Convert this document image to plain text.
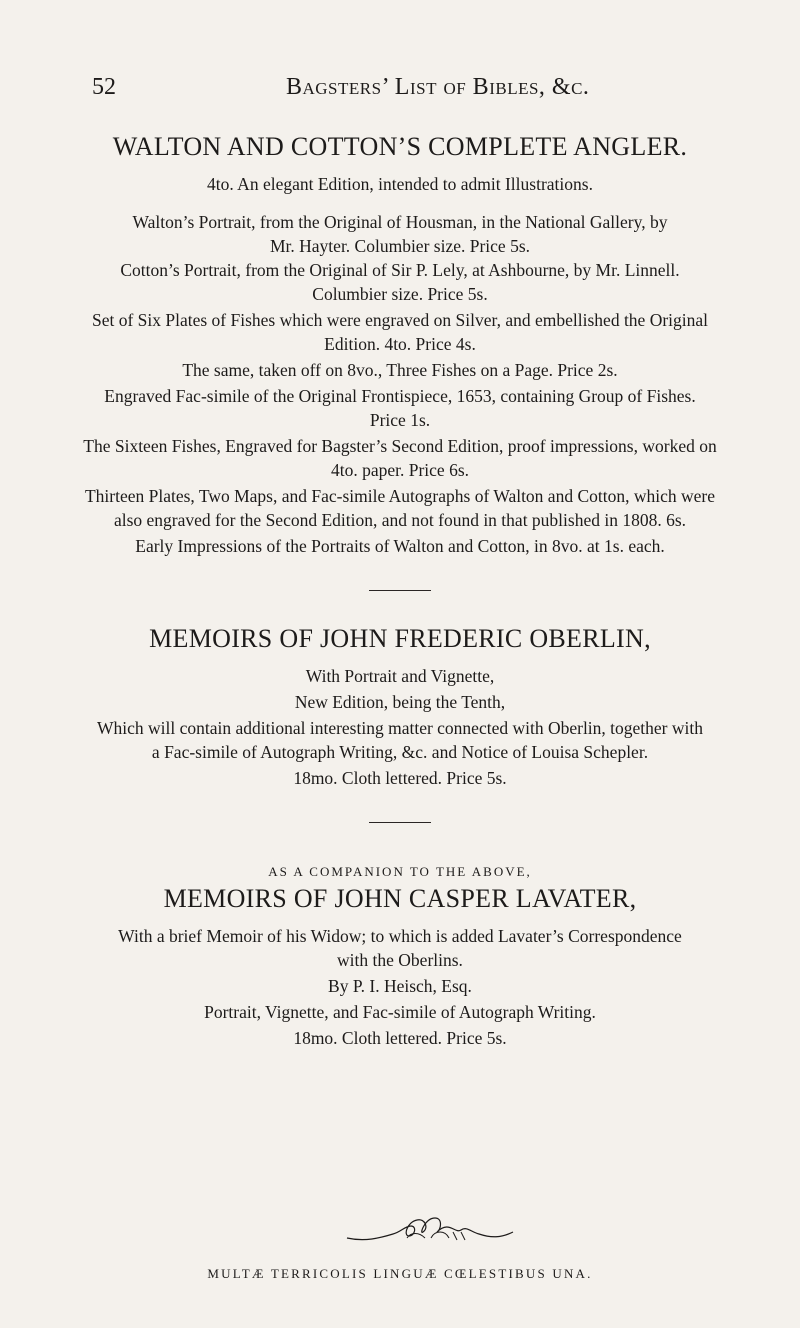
52	Bagsters’ List of Bibles, &c.
WALTON AND COTTON’S COMPLETE ANGLER.
4to. An elegant Edition, intended to admit Illustrations.
Walton’s Portrait, from the Original of Housman, in the National Gallery, by
Mr. Hayter. Columbier size. Price 5s.
Cotton’s Portrait, from the Original of Sir P. Lely, at Ashbourne, by Mr. Linnell.
Columbier size. Price 5s.
Set of Six Plates of Fishes which were engraved on Silver, and embellished the Original
Edition. 4to. Price 4s.
The same, taken off on 8vo., Three Fishes on a Page. Price 2s.
Engraved Fac-simile of the Original Frontispiece, 1653, containing Group of Fishes.
Price 1s.
The Sixteen Fishes, Engraved for Bagster’s Second Edition, proof impressions, worked on
4to. paper. Price 6s.
Thirteen Plates, Two Maps, and Fac-simile Autographs of Walton and Cotton, which were
also engraved for the Second Edition, and not found in that published in 1808. 6s.
Early Impressions of the Portraits of Walton and Cotton, in 8vo. at 1s. each.
MEMOIRS OF JOHN FREDERIC OBERLIN,
With Portrait and Vignette,
New Edition, being the Tenth,
Which will contain additional interesting matter connected with Oberlin, together with
a Fac-simile of Autograph Writing, &c. and Notice of Louisa Schepler.
18mo. Cloth lettered. Price 5s.
AS A COMPANION TO THE ABOVE,
MEMOIRS OF JOHN CASPER LAVATER,
With a brief Memoir of his Widow; to which is added Lavater’s Correspondence
with the Oberlins.
By P. I. Heisch, Esq.
Portrait, Vignette, and Fac-simile of Autograph Writing.
18mo. Cloth lettered. Price 5s.
MULTÆ TERRICOLIS LINGUÆ CŒLESTIBUS UNA.
